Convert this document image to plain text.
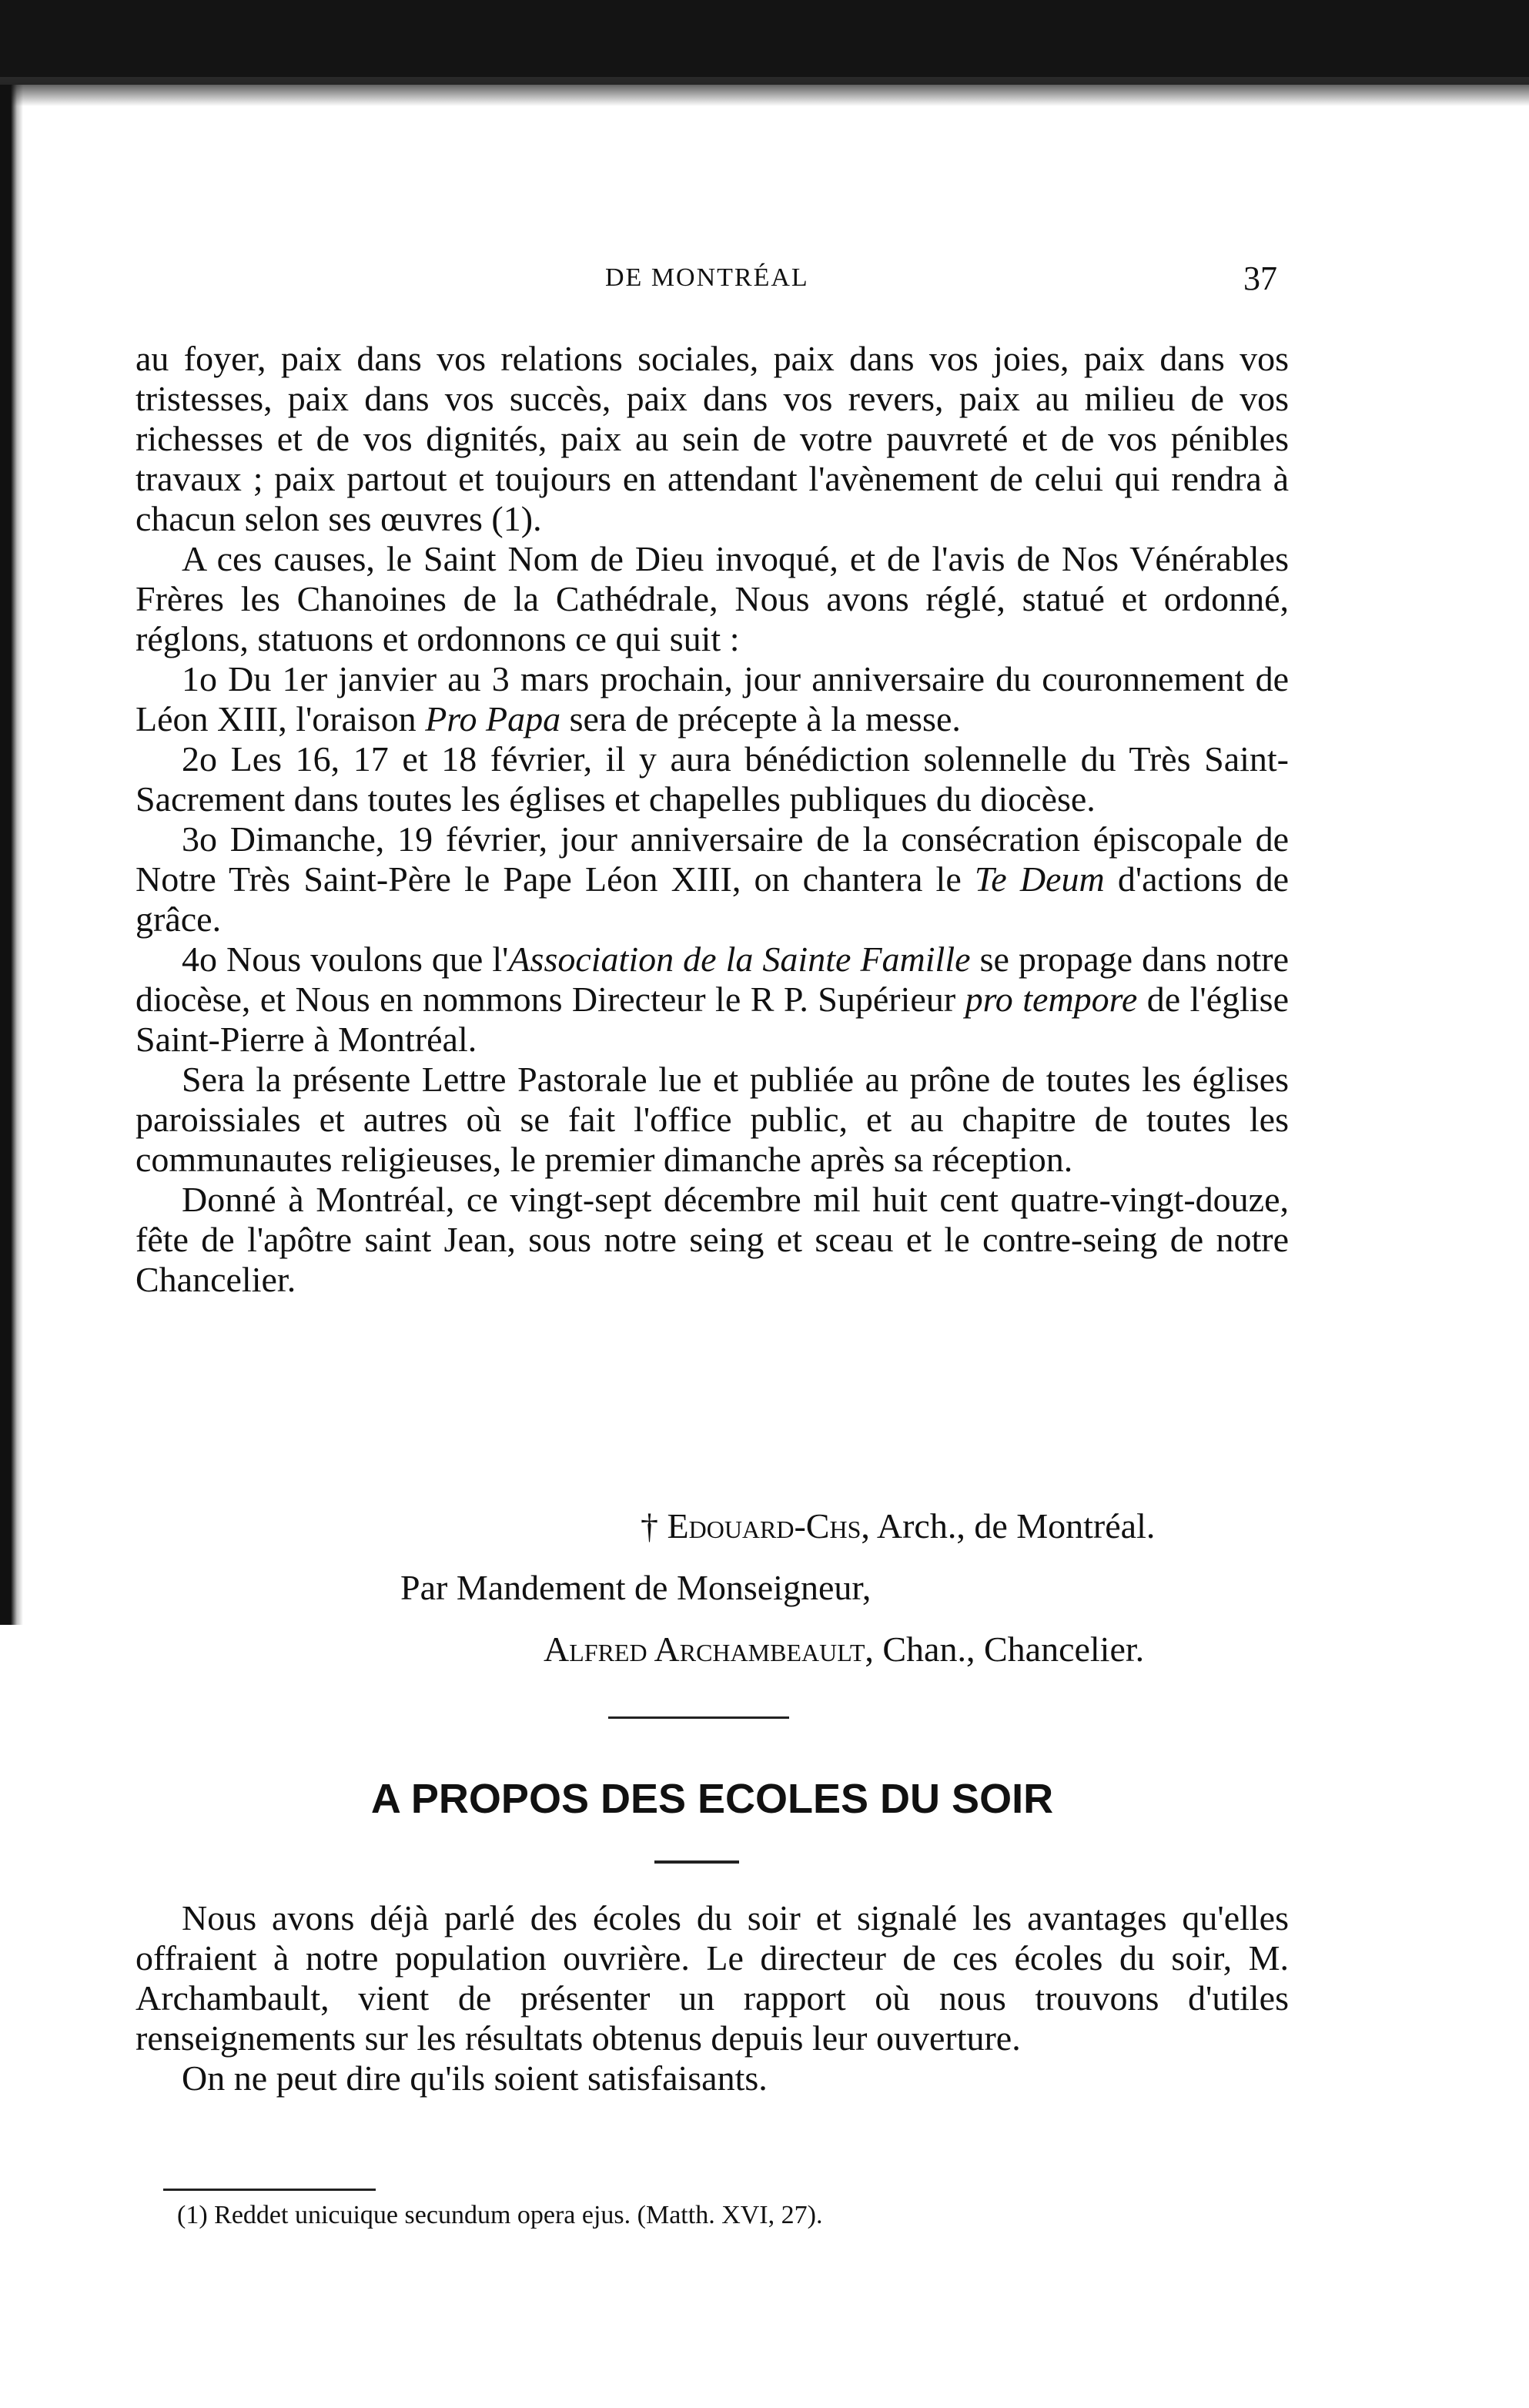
DE MONTRÉAL	37

au foyer, paix dans vos relations sociales, paix dans vos joies, paix dans vos tristesses, paix dans vos succès, paix dans vos revers, paix au milieu de vos richesses et de vos dignités, paix au sein de votre pauvreté et de vos pénibles travaux ; paix partout et toujours en attendant l'avènement de celui qui rendra à chacun selon ses œuvres (1).

A ces causes, le Saint Nom de Dieu invoqué, et de l'avis de Nos Vénérables Frères les Chanoines de la Cathédrale, Nous avons réglé, statué et ordonné, réglons, statuons et ordonnons ce qui suit :

1o Du 1er janvier au 3 mars prochain, jour anniversaire du couronnement de Léon XIII, l'oraison Pro Papa sera de précepte à la messe.

2o Les 16, 17 et 18 février, il y aura bénédiction solennelle du Très Saint-Sacrement dans toutes les églises et chapelles publiques du diocèse.

3o Dimanche, 19 février, jour anniversaire de la consécration épiscopale de Notre Très Saint-Père le Pape Léon XIII, on chantera le Te Deum d'actions de grâce.

4o Nous voulons que l'Association de la Sainte Famille se propage dans notre diocèse, et Nous en nommons Directeur le R P. Supérieur pro tempore de l'église Saint-Pierre à Montréal.

Sera la présente Lettre Pastorale lue et publiée au prône de toutes les églises paroissiales et autres où se fait l'office public, et au chapitre de toutes les communautes religieuses, le premier dimanche après sa réception.

Donné à Montréal, ce vingt-sept décembre mil huit cent quatre-vingt-douze, fête de l'apôtre saint Jean, sous notre seing et sceau et le contre-seing de notre Chancelier.

† Edouard-Chs, Arch., de Montréal.
Par Mandement de Monseigneur,
Alfred Archambeault, Chan., Chancelier.
A PROPOS DES ECOLES DU SOIR

Nous avons déjà parlé des écoles du soir et signalé les avantages qu'elles offraient à notre population ouvrière. Le directeur de ces écoles du soir, M. Archambault, vient de présenter un rapport où nous trouvons d'utiles renseignements sur les résultats obtenus depuis leur ouverture.

On ne peut dire qu'ils soient satisfaisants.

(1) Reddet unicuique secundum opera ejus. (Matth. XVI, 27).
